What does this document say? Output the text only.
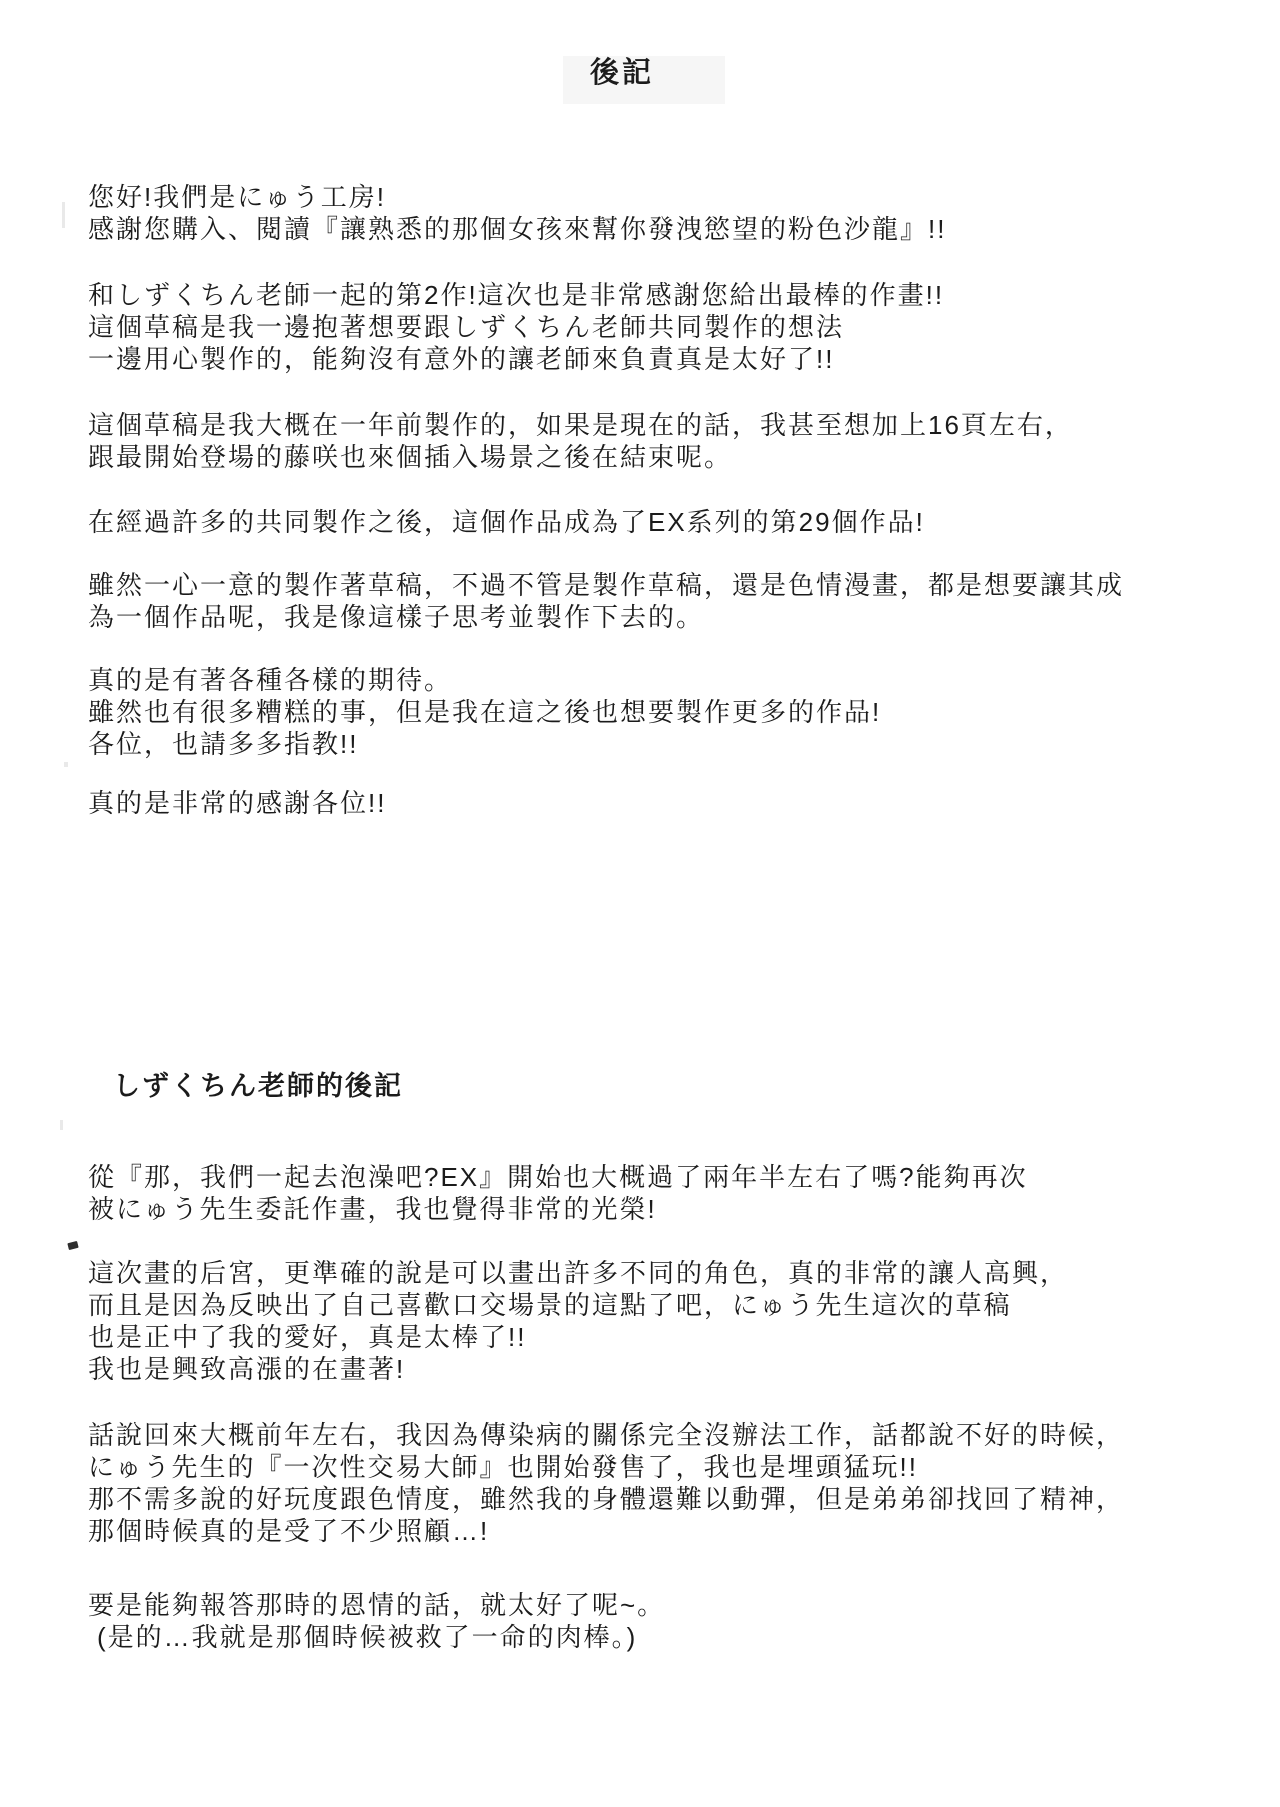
後記
您好!我們是にゅう工房!
感謝您購入、閱讀『讓熟悉的那個女孩來幫你發洩慾望的粉色沙龍』!!
和しずくちん老師一起的第2作!這次也是非常感謝您給出最棒的作畫!!
這個草稿是我一邊抱著想要跟しずくちん老師共同製作的想法
一邊用心製作的，能夠沒有意外的讓老師來負責真是太好了!!
這個草稿是我大概在一年前製作的，如果是現在的話，我甚至想加上16頁左右，
跟最開始登場的藤咲也來個插入場景之後在結束呢。
在經過許多的共同製作之後，這個作品成為了EX系列的第29個作品!
雖然一心一意的製作著草稿，不過不管是製作草稿，還是色情漫畫，都是想要讓其成
為一個作品呢，我是像這樣子思考並製作下去的。
真的是有著各種各樣的期待。
雖然也有很多糟糕的事，但是我在這之後也想要製作更多的作品!
各位，也請多多指教!!
真的是非常的感謝各位!!
しずくちん老師的後記
從『那，我們一起去泡澡吧?EX』開始也大概過了兩年半左右了嗎?能夠再次
被にゅう先生委託作畫，我也覺得非常的光榮!
這次畫的后宮，更準確的說是可以畫出許多不同的角色，真的非常的讓人高興，
而且是因為反映出了自己喜歡口交場景的這點了吧，にゅう先生這次的草稿
也是正中了我的愛好，真是太棒了!!
我也是興致高漲的在畫著!
話說回來大概前年左右，我因為傳染病的關係完全沒辦法工作，話都說不好的時候，
にゅう先生的『一次性交易大師』也開始發售了，我也是埋頭猛玩!!
那不需多說的好玩度跟色情度，雖然我的身體還難以動彈，但是弟弟卻找回了精神，
那個時候真的是受了不少照顧…!
要是能夠報答那時的恩情的話，就太好了呢~。
(是的…我就是那個時候被救了一命的肉棒。)
